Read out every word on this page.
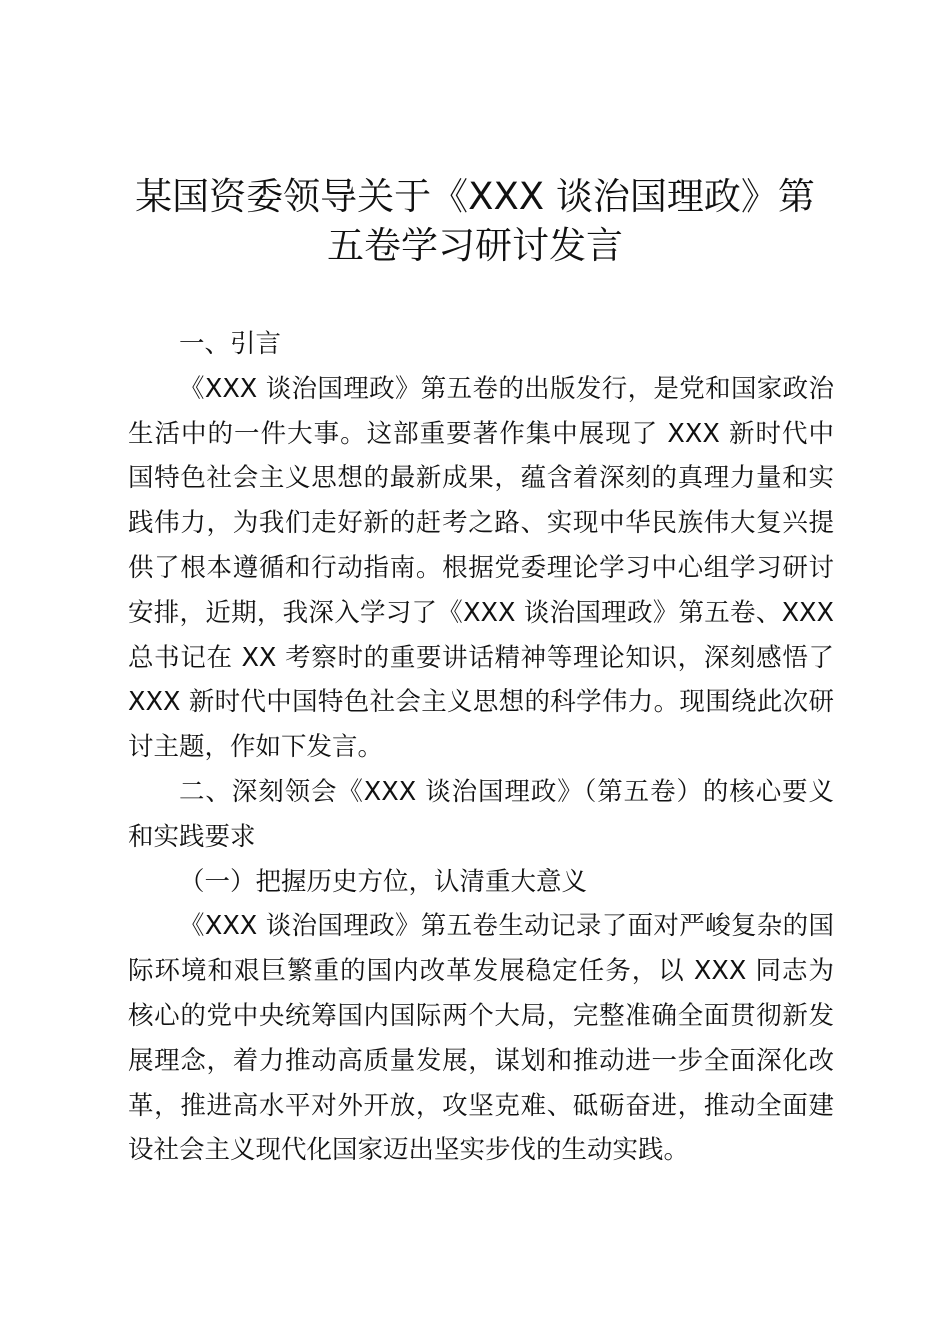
某国资委领导关于《XXX 谈治国理政》第五卷学习研讨发言

一、引言

《XXX 谈治国理政》第五卷的出版发行，是党和国家政治生活中的一件大事。这部重要著作集中展现了 XXX 新时代中国特色社会主义思想的最新成果，蕴含着深刻的真理力量和实践伟力，为我们走好新的赶考之路、实现中华民族伟大复兴提供了根本遵循和行动指南。根据党委理论学习中心组学习研讨安排，近期，我深入学习了《XXX 谈治国理政》第五卷、XXX 总书记在 XX 考察时的重要讲话精神等理论知识，深刻感悟了 XXX 新时代中国特色社会主义思想的科学伟力。现围绕此次研讨主题，作如下发言。

二、深刻领会《XXX 谈治国理政》（第五卷）的核心要义和实践要求

（一）把握历史方位，认清重大意义

《XXX 谈治国理政》第五卷生动记录了面对严峻复杂的国际环境和艰巨繁重的国内改革发展稳定任务，以 XXX 同志为核心的党中央统筹国内国际两个大局，完整准确全面贯彻新发展理念，着力推动高质量发展，谋划和推动进一步全面深化改革，推进高水平对外开放，攻坚克难、砥砺奋进，推动全面建设社会主义现代化国家迈出坚实步伐的生动实践。
